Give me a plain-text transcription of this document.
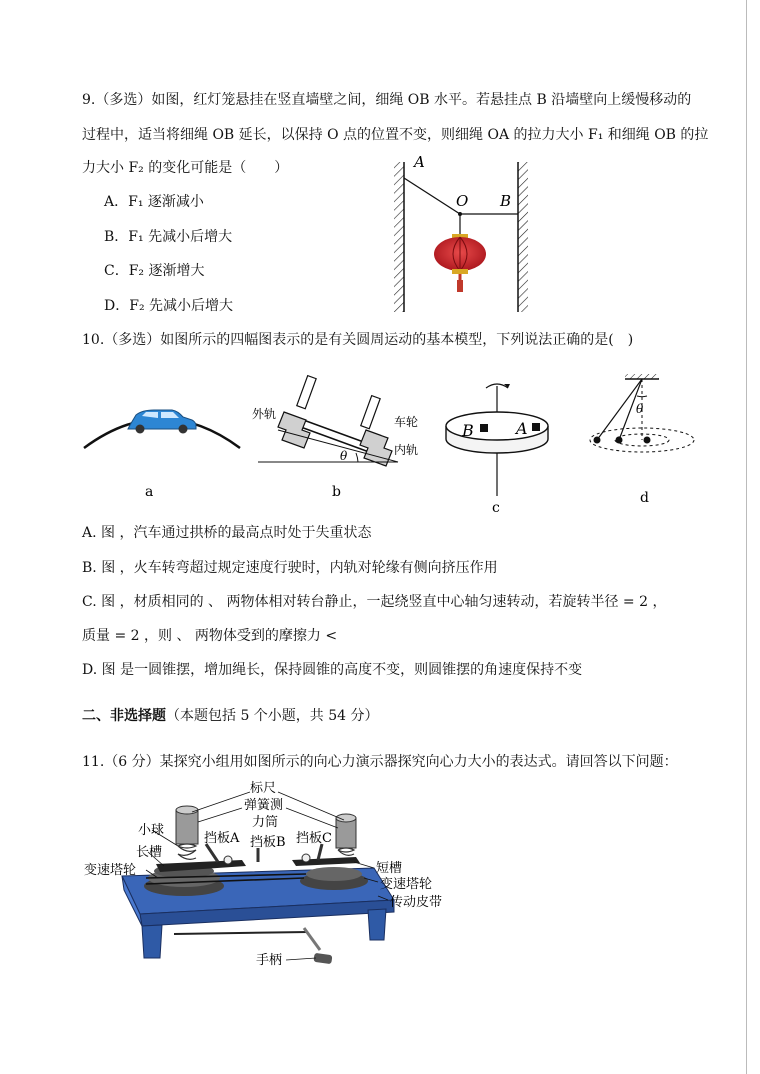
9.（多选）如图，红灯笼悬挂在竖直墙壁之间，细绳 OB 水平。若悬挂点 B 沿墙壁向上缓慢移动的
过程中，适当将细绳 OB 延长，以保持 O 点的位置不变，则细绳 OA 的拉力大小 F₁ 和细绳 OB 的拉
力大小 F₂ 的变化可能是（　　）
A．F₁ 逐渐减小
B．F₁ 先减小后增大
C．F₂ 逐渐增大
D．F₂ 先减小后增大
A
O B
10.（多选）如图所示的四幅图表示的是有关圆周运动的基本模型，下列说法正确的是(　)
a
外轨
车轮
内轨
θ
b
B	A
c
θ
d
A. 图 ，汽车通过拱桥的最高点时处于失重状态
B. 图 ，火车转弯超过规定速度行驶时，内轨对轮缘有侧向挤压作用
C. 图 ，材质相同的 、 两物体相对转台静止，一起绕竖直中心轴匀速转动，若旋转半径 = 2 ，
质量 = 2 ，则 、 两物体受到的摩擦力 <
D. 图 是一圆锥摆，增加绳长，保持圆锥的高度不变，则圆锥摆的角速度保持不变
二、非选择题（本题包括 5 个小题，共 54 分）
11.（6 分）某探究小组用如图所示的向心力演示器探究向心力大小的表达式。请回答以下问题：
标尺
弹簧测
力筒
小球
挡板A 挡板B 挡板C
长槽
变速塔轮	短槽
变速塔轮
传动皮带
手柄
